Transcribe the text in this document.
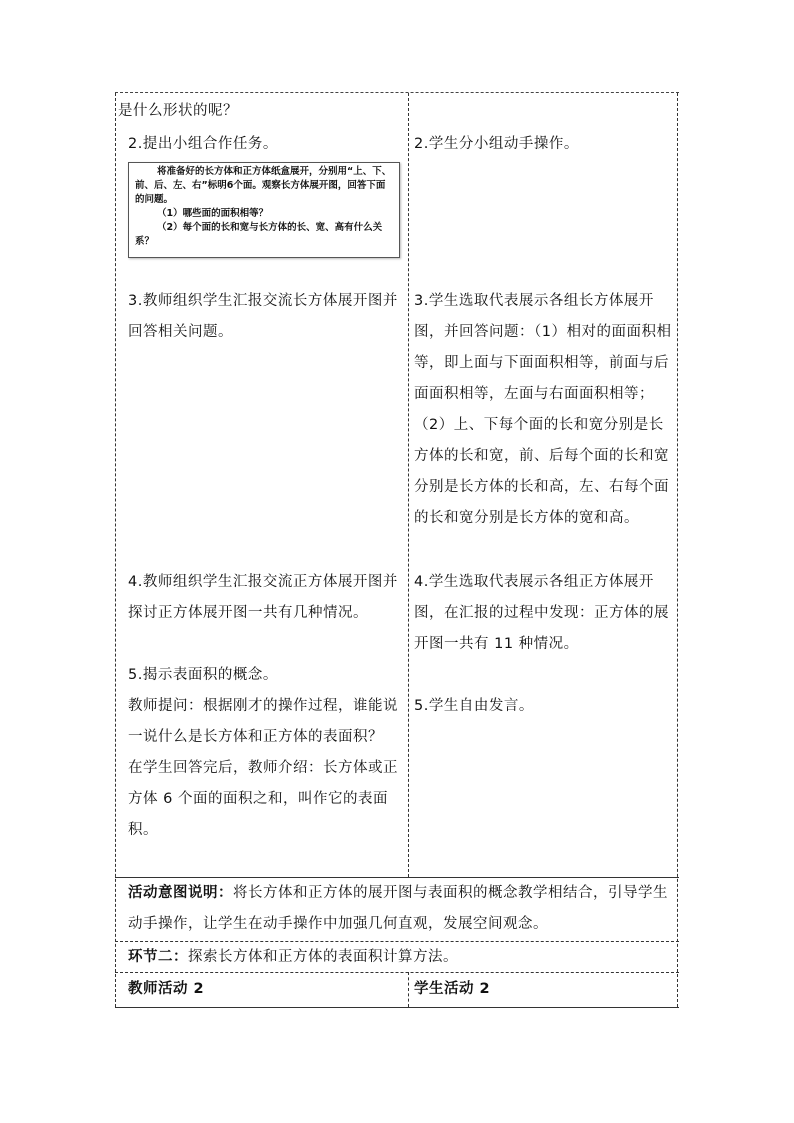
是什么形状的呢？

2.提出小组合作任务。

将准备好的长方体和正方体纸盒展开，分别用“上、下、前、后、左、右”标明6个面。观察长方体展开图，回答下面的问题。

（1）哪些面的面积相等？

（2）每个面的长和宽与长方体的长、宽、高有什么关系？

3.教师组织学生汇报交流长方体展开图并回答相关问题。

4.教师组织学生汇报交流正方体展开图并探讨正方体展开图一共有几种情况。

5.揭示表面积的概念。

教师提问：根据刚才的操作过程，谁能说一说什么是长方体和正方体的表面积？

在学生回答完后，教师介绍：长方体或正方体 6 个面的面积之和，叫作它的表面积。

2.学生分小组动手操作。

3.学生选取代表展示各组长方体展开图，并回答问题：（1）相对的面面积相等，即上面与下面面积相等，前面与后面面积相等，左面与右面面积相等；（2）上、下每个面的长和宽分别是长方体的长和宽，前、后每个面的长和宽分别是长方体的长和高，左、右每个面的长和宽分别是长方体的宽和高。

4.学生选取代表展示各组正方体展开图，在汇报的过程中发现：正方体的展开图一共有 11 种情况。

5.学生自由发言。

活动意图说明：将长方体和正方体的展开图与表面积的概念教学相结合，引导学生动手操作，让学生在动手操作中加强几何直观，发展空间观念。

环节二：探索长方体和正方体的表面积计算方法。

教师活动 2	学生活动 2
